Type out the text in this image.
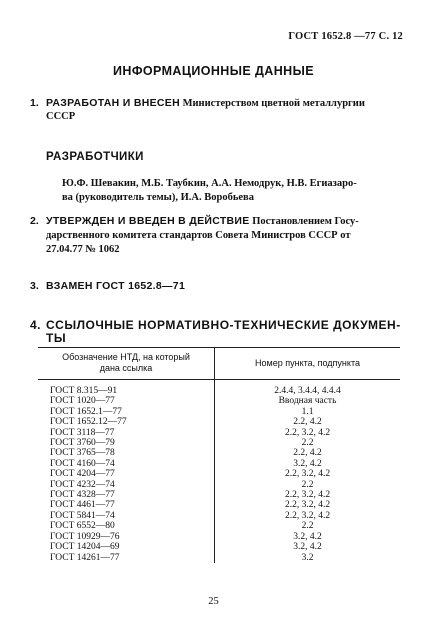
ГОСТ 1652.8 —77 С. 12
ИНФОРМАЦИОННЫЕ ДАННЫЕ
1. РАЗРАБОТАН И ВНЕСЕН Министерством цветной металлургии
СССР
РАЗРАБОТЧИКИ
Ю.Ф. Шевакин, М.Б. Таубкин, А.А. Немодрук, Н.В. Егиазаро-
ва (руководитель темы), И.А. Воробьева
2. УТВЕРЖДЕН И ВВЕДЕН В ДЕЙСТВИЕ Постановлением Госу-
дарственного комитета стандартов Совета Министров СССР от
27.04.77 № 1062
3. ВЗАМЕН ГОСТ 1652.8—71
4. ССЫЛОЧНЫЕ НОРМАТИВНО-ТЕХНИЧЕСКИЕ ДОКУМЕН-
ТЫ
Обозначение НТД, на который
дана ссылка	Номер пункта, подпункта
ГОСТ 8.315—91	2.4.4, 3.4.4, 4.4.4
ГОСТ 1020—77	Вводная часть
ГОСТ 1652.1—77	1.1
ГОСТ 1652.12—77	2.2, 4.2
ГОСТ 3118—77	2.2, 3.2, 4.2
ГОСТ 3760—79	2.2
ГОСТ 3765—78	2.2, 4.2
ГОСТ 4160—74	3.2, 4.2
ГОСТ 4204—77	2.2, 3.2, 4.2
ГОСТ 4232—74	2.2
ГОСТ 4328—77	2.2, 3.2, 4.2
ГОСТ 4461—77	2.2, 3.2, 4.2
ГОСТ 5841—74	2.2, 3.2, 4.2
ГОСТ 6552—80	2.2
ГОСТ 10929—76	3.2, 4.2
ГОСТ 14204—69	3.2, 4.2
ГОСТ 14261—77	3.2
25
